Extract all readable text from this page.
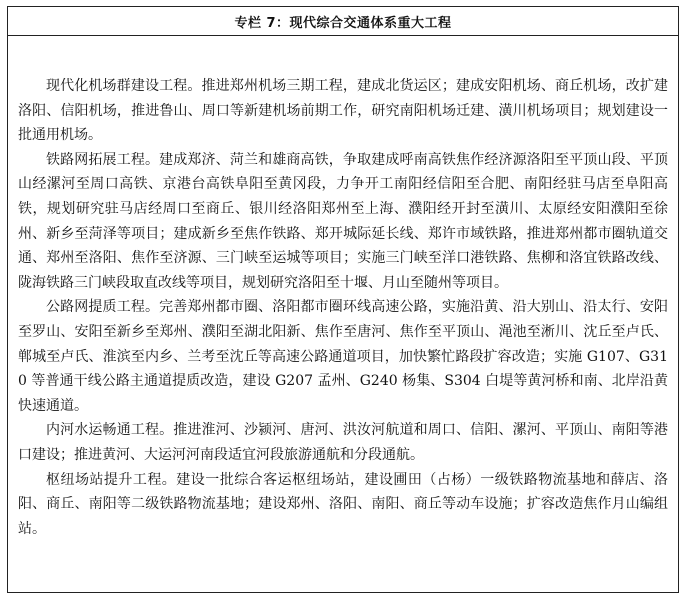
专栏 7：现代综合交通体系重大工程

现代化机场群建设工程。推进郑州机场三期工程，建成北货运区；建成安阳机场、商丘机场，改扩建洛阳、信阳机场，推进鲁山、周口等新建机场前期工作，研究南阳机场迁建、潢川机场项目；规划建设一批通用机场。

铁路网拓展工程。建成郑济、菏兰和雄商高铁，争取建成呼南高铁焦作经济源洛阳至平顶山段、平顶山经漯河至周口高铁、京港台高铁阜阳至黄冈段，力争开工南阳经信阳至合肥、南阳经驻马店至阜阳高铁，规划研究驻马店经周口至商丘、银川经洛阳郑州至上海、濮阳经开封至潢川、太原经安阳濮阳至徐州、新乡至菏泽等项目；建成新乡至焦作铁路、郑开城际延长线、郑许市域铁路，推进郑州都市圈轨道交通、郑州至洛阳、焦作至济源、三门峡至运城等项目；实施三门峡至洋口港铁路、焦柳和洛宜铁路改线、陇海铁路三门峡段取直改线等项目，规划研究洛阳至十堰、月山至随州等项目。

公路网提质工程。完善郑州都市圈、洛阳都市圈环线高速公路，实施沿黄、沿大别山、沿太行、安阳至罗山、安阳至新乡至郑州、濮阳至湖北阳新、焦作至唐河、焦作至平顶山、渑池至淅川、沈丘至卢氏、郸城至卢氏、淮滨至内乡、兰考至沈丘等高速公路通道项目，加快繁忙路段扩容改造；实施 G107、G310 等普通干线公路主通道提质改造，建设 G207 孟州、G240 杨集、S304 白堤等黄河桥和南、北岸沿黄快速通道。

内河水运畅通工程。推进淮河、沙颍河、唐河、洪汝河航道和周口、信阳、漯河、平顶山、南阳等港口建设；推进黄河、大运河河南段适宜河段旅游通航和分段通航。

枢纽场站提升工程。建设一批综合客运枢纽场站，建设圃田（占杨）一级铁路物流基地和薛店、洛阳、商丘、南阳等二级铁路物流基地；建设郑州、洛阳、南阳、商丘等动车设施；扩容改造焦作月山编组站。
